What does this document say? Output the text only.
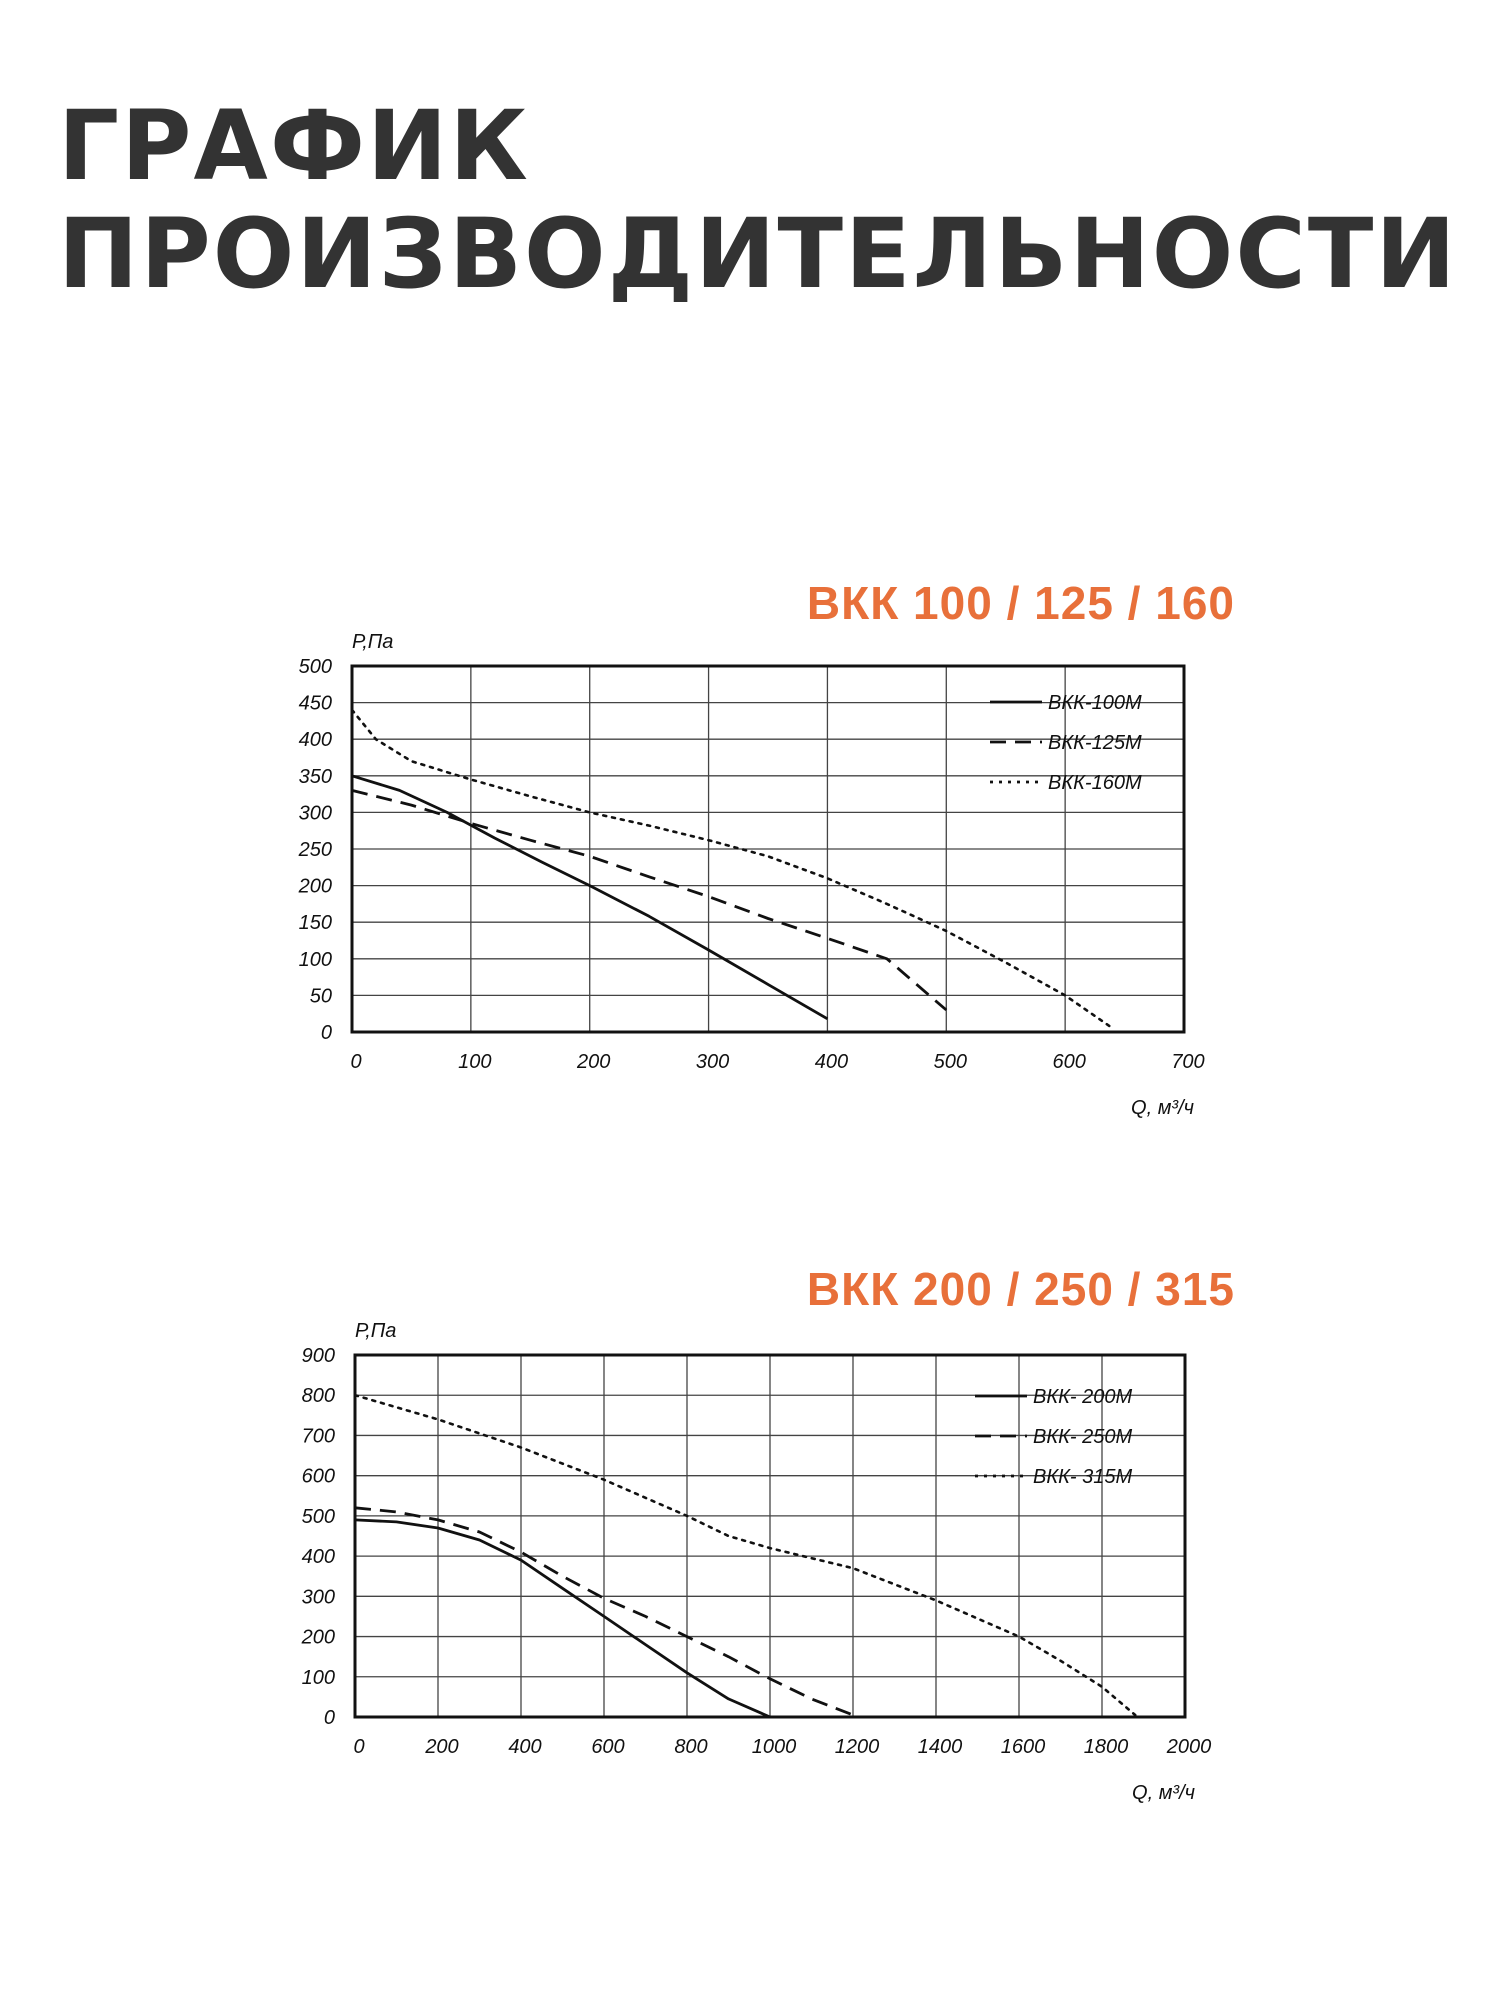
ГРАФИК
ПРОИЗВОДИТЕЛЬНОСТИ
ВКК 100 / 125 / 160
ВКК 200 / 250 / 315
0	100	200	300	400	500	600	700
0
50
100
150
200
250
300
350
400
450
500
Р,Па
Q, м³/ч
ВКК-100М
ВКК-125М
ВКК-160М
0	200 400 600 800 1000 1200 1400 1600 1800 2000
0
100
200
300
400
500
600
700
800
900
Р,Па
Q, м³/ч
ВКК- 200М
ВКК- 250М
ВКК- 315М
